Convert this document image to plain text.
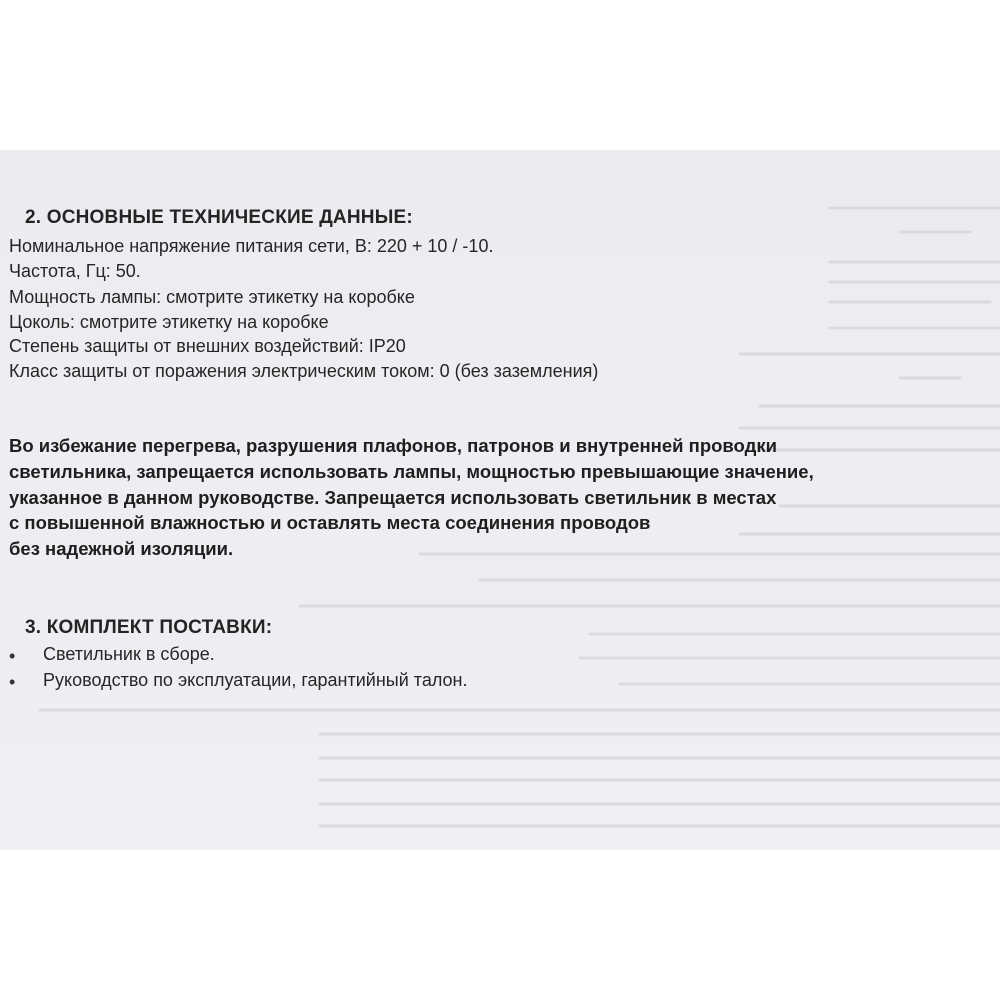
2. ОСНОВНЫЕ ТЕХНИЧЕСКИЕ ДАННЫЕ:
Номинальное напряжение питания сети, В: 220 + 10 / -10.
Частота, Гц: 50.
Мощность лампы: смотрите этикетку на коробке
Цоколь: смотрите этикетку на коробке
Степень защиты от внешних воздействий: IP20
Класс защиты от поражения электрическим током: 0 (без заземления)
Во избежание перегрева, разрушения плафонов, патронов и внутренней проводки
светильника, запрещается использовать лампы, мощностью превышающие значение,
указанное в данном руководстве. Запрещается использовать светильник в местах
с повышенной влажностью и оставлять места соединения проводов
без надежной изоляции.
3. КОМПЛЕКТ ПОСТАВКИ:
• Светильник в сборе.
• Руководство по эксплуатации, гарантийный талон.
